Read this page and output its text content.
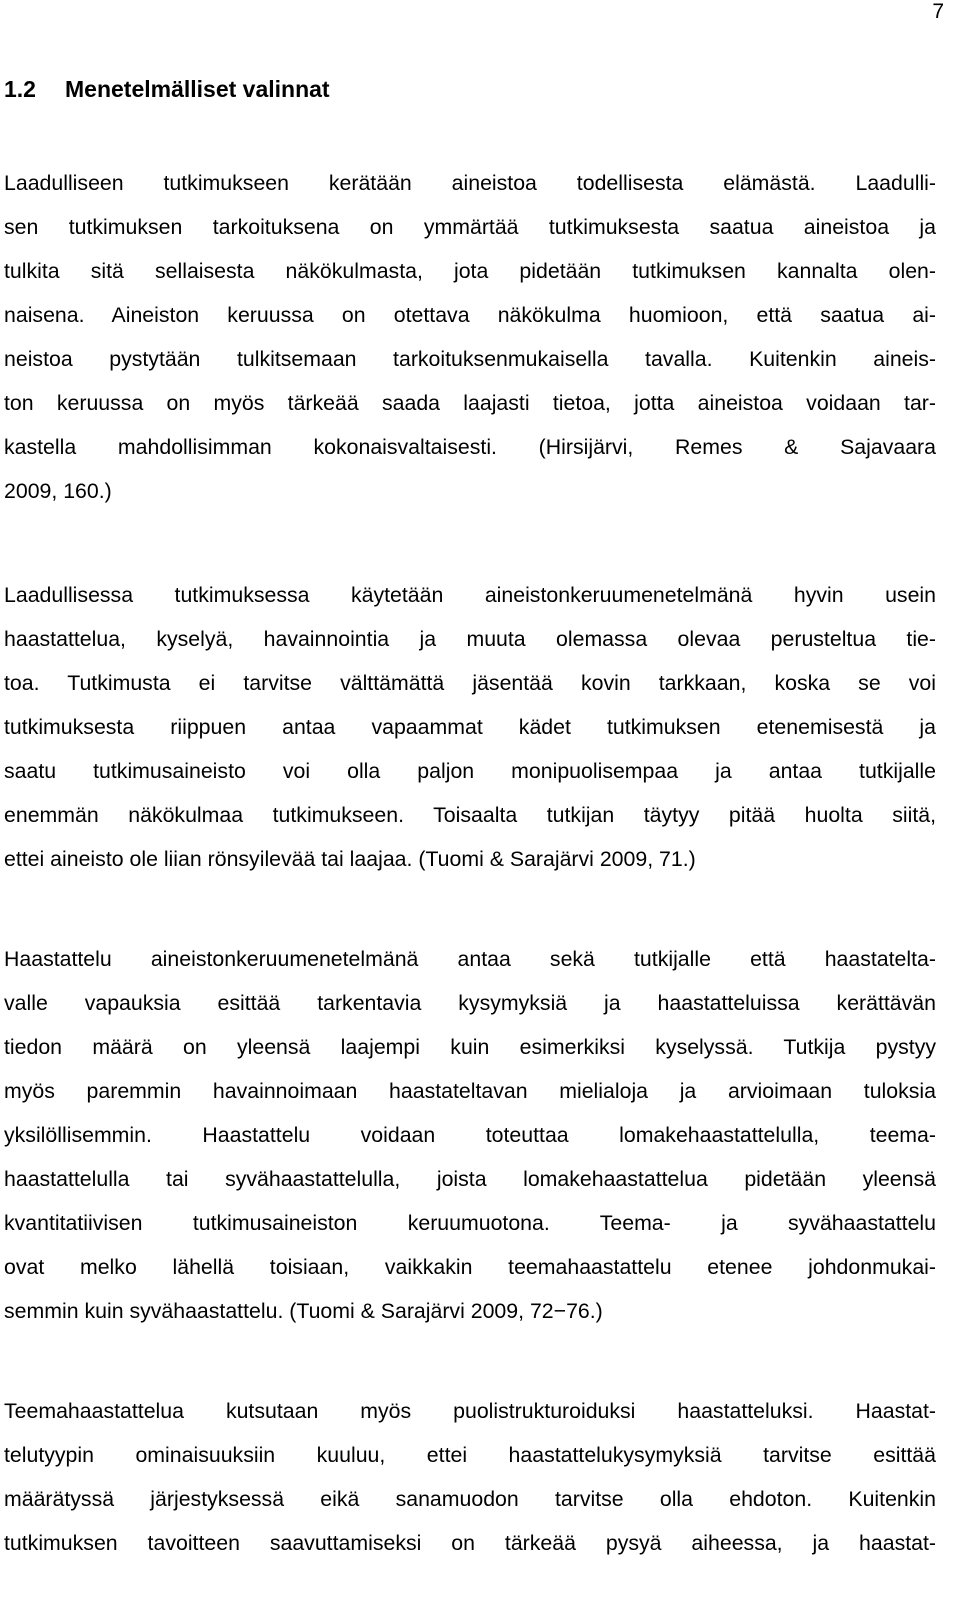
7
1.2 Menetelmälliset valinnat
Laadulliseen tutkimukseen kerätään aineistoa todellisesta elämästä. Laadulli-
sen tutkimuksen tarkoituksena on ymmärtää tutkimuksesta saatua aineistoa ja
tulkita sitä sellaisesta näkökulmasta, jota pidetään tutkimuksen kannalta olen-
naisena. Aineiston keruussa on otettava näkökulma huomioon, että saatua ai-
neistoa pystytään tulkitsemaan tarkoituksenmukaisella tavalla. Kuitenkin aineis-
ton keruussa on myös tärkeää saada laajasti tietoa, jotta aineistoa voidaan tar-
kastella mahdollisimman kokonaisvaltaisesti. (Hirsijärvi, Remes & Sajavaara
2009, 160.)
Laadullisessa tutkimuksessa käytetään aineistonkeruumenetelmänä hyvin usein
haastattelua, kyselyä, havainnointia ja muuta olemassa olevaa perusteltua tie-
toa. Tutkimusta ei tarvitse välttämättä jäsentää kovin tarkkaan, koska se voi
tutkimuksesta riippuen antaa vapaammat kädet tutkimuksen etenemisestä ja
saatu tutkimusaineisto voi olla paljon monipuolisempaa ja antaa tutkijalle
enemmän näkökulmaa tutkimukseen. Toisaalta tutkijan täytyy pitää huolta siitä,
ettei aineisto ole liian rönsyilevää tai laajaa. (Tuomi & Sarajärvi 2009, 71.)
Haastattelu aineistonkeruumenetelmänä antaa sekä tutkijalle että haastatelta-
valle vapauksia esittää tarkentavia kysymyksiä ja haastatteluissa kerättävän
tiedon määrä on yleensä laajempi kuin esimerkiksi kyselyssä. Tutkija pystyy
myös paremmin havainnoimaan haastateltavan mielialoja ja arvioimaan tuloksia
yksilöllisemmin. Haastattelu voidaan toteuttaa lomakehaastattelulla, teema-
haastattelulla tai syvähaastattelulla, joista lomakehaastattelua pidetään yleensä
kvantitatiivisen tutkimusaineiston keruumuotona. Teema- ja syvähaastattelu
ovat melko lähellä toisiaan, vaikkakin teemahaastattelu etenee johdonmukai-
semmin kuin syvähaastattelu. (Tuomi & Sarajärvi 2009, 72−76.)
Teemahaastattelua kutsutaan myös puolistrukturoiduksi haastatteluksi. Haastat-
telutyypin ominaisuuksiin kuuluu, ettei haastattelukysymyksiä tarvitse esittää
määrätyssä järjestyksessä eikä sanamuodon tarvitse olla ehdoton. Kuitenkin
tutkimuksen tavoitteen saavuttamiseksi on tärkeää pysyä aiheessa, ja haastat-
